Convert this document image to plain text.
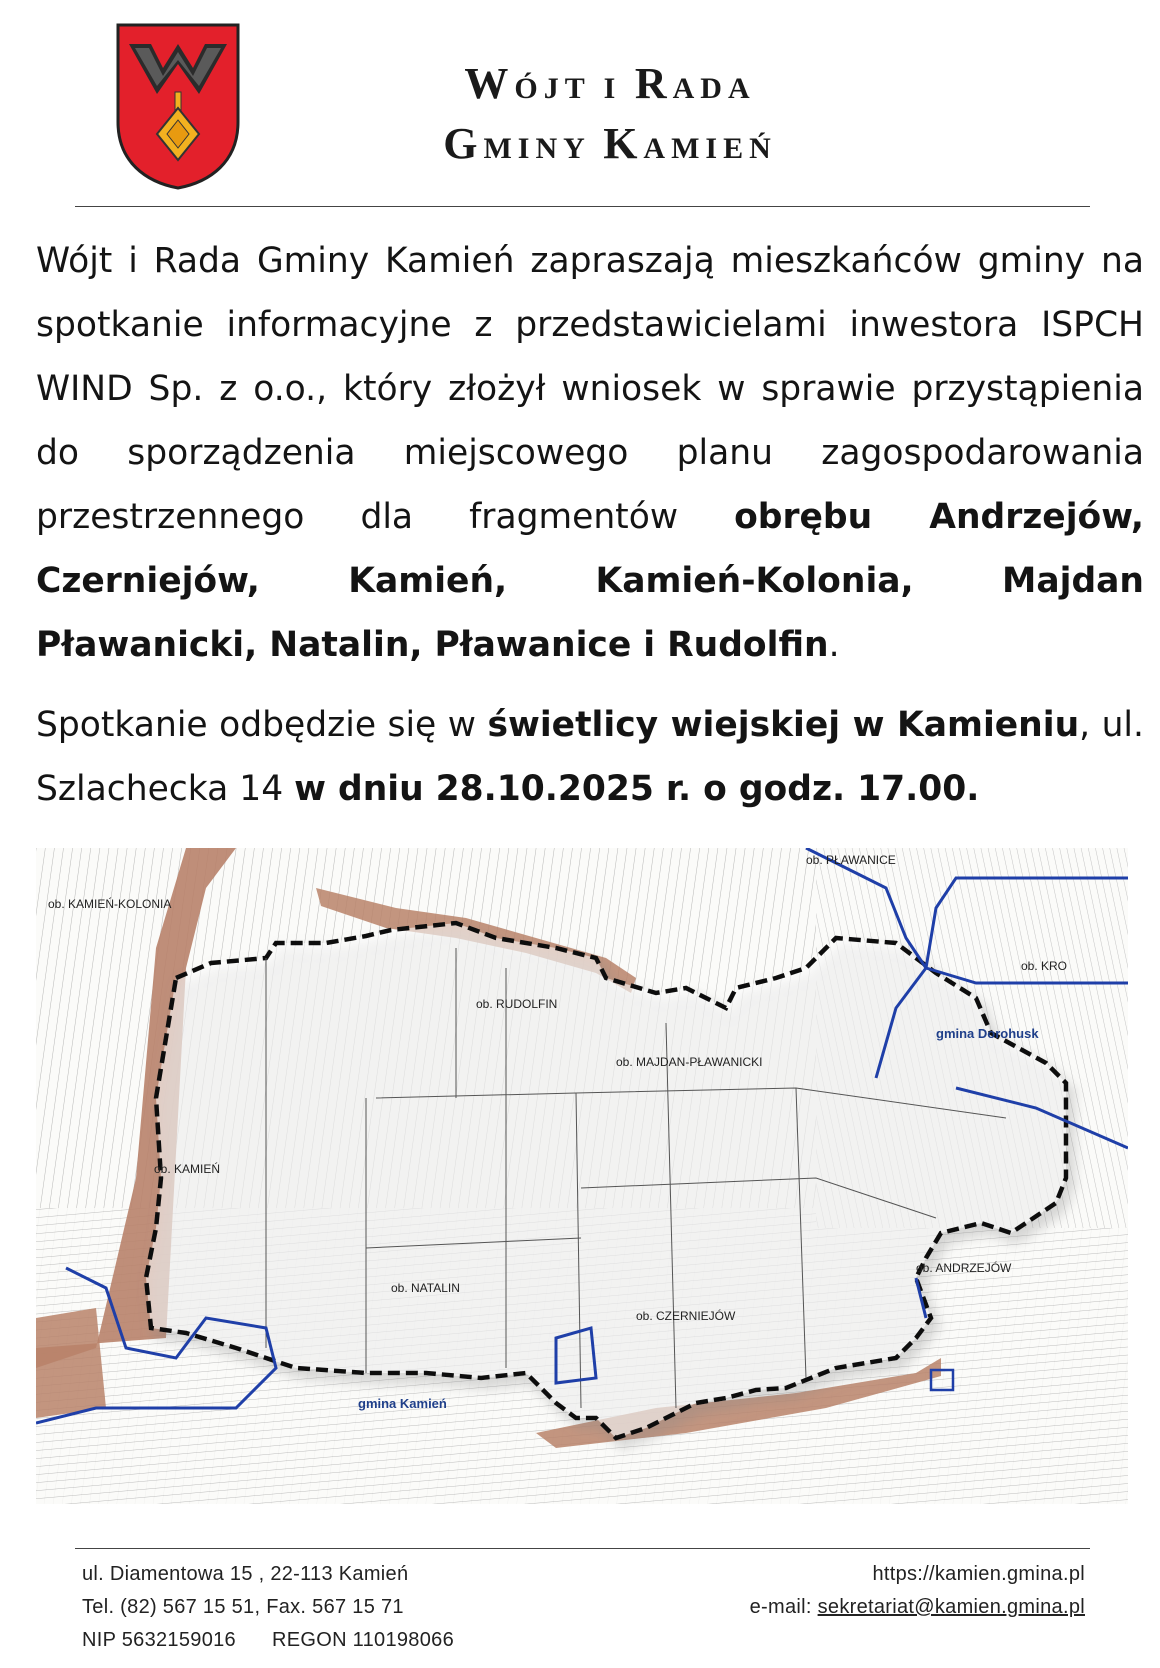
WÓJT I RADA
GMINY KAMIEŃ

Wójt i Rada Gminy Kamień zapraszają mieszkańców gminy na spotkanie informacyjne z przedstawicielami inwestora ISPCH WIND Sp. z o.o., który złożył wniosek w sprawie przystąpienia do sporządzenia miejscowego planu zagospodarowania przestrzennego dla fragmentów obrębu Andrzejów, Czerniejów, Kamień, Kamień-Kolonia, Majdan Pławanicki, Natalin, Pławanice i Rudolfin.

Spotkanie odbędzie się w świetlicy wiejskiej w Kamieniu, ul. Szlachecka 14 w dniu 28.10.2025 r. o godz. 17.00.

ob. KAMIEŃ-KOLONIA
ob. RUDOLFIN
ob. MAJDAN-PŁAWANICKI
ob. PŁAWANICE
ob. KRO
ob. KAMIEŃ
ob. NATALIN
ob. CZERNIEJÓW
ob. ANDRZEJÓW
gmina Dorohusk
gmina Kamień

ul. Diamentowa 15 , 22-113 Kamień

Tel. (82) 567 15 51, Fax. 567 15 71

NIP 5632159016 REGON 110198066

https://kamien.gmina.pl

e-mail: sekretariat@kamien.gmina.pl
